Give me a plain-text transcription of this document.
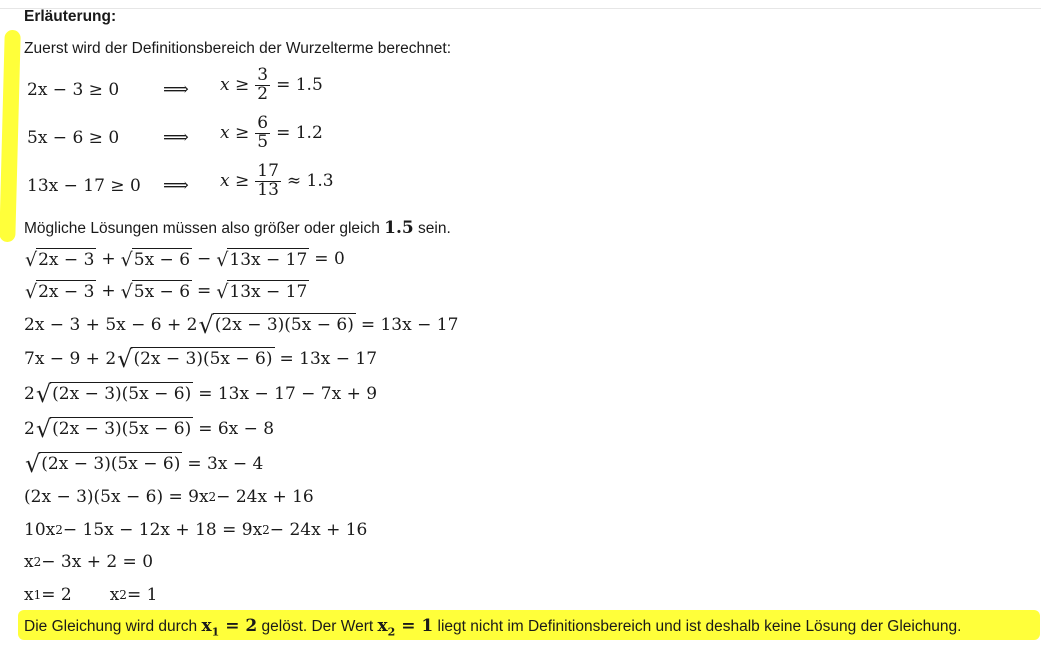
Erläuterung:
Zuerst wird der Definitionsbereich der Wurzelterme berechnet:
2x − 3 ≥ 0 ⟹ $x \ge \frac{3}{2} = 1.5$
5x − 6 ≥ 0 ⟹ $x \ge \frac{6}{5} = 1.2$
13x − 17 ≥ 0 ⟹ $x \ge \frac{17}{13} \approx 1.3$
Mögliche Lösungen müssen also größer oder gleich 1.5 sein.
√ 2x − 3 + √ 5x − 6 − √ 13x − 17 = 0
√ 2x − 3 + √ 5x − 6 = √ 13x − 17
2x − 3 + 5x − 6 + 2 √ (2x − 3)(5x − 6) = 13x − 17
7x − 9 + 2 √ (2x − 3)(5x − 6) = 13x − 17
2 √ (2x − 3)(5x − 6) = 13x − 17 − 7x + 9
2 √ (2x − 3)(5x − 6) = 6x − 8
√ (2x − 3)(5x − 6) = 3x − 4
(2x − 3)(5x − 6) = 9x 2 − 24x + 16
10x 2 − 15x − 12x + 18 = 9x 2 − 24x + 16
x 2 − 3x + 2 = 0
x 1 = 2 x 2 = 1
Die Gleichung wird durch $x_1 = 2$ gelöst. Der Wert $x_2 = 1$ liegt nicht im Definitionsbereich und ist deshalb keine Lösung der Gleichung.
